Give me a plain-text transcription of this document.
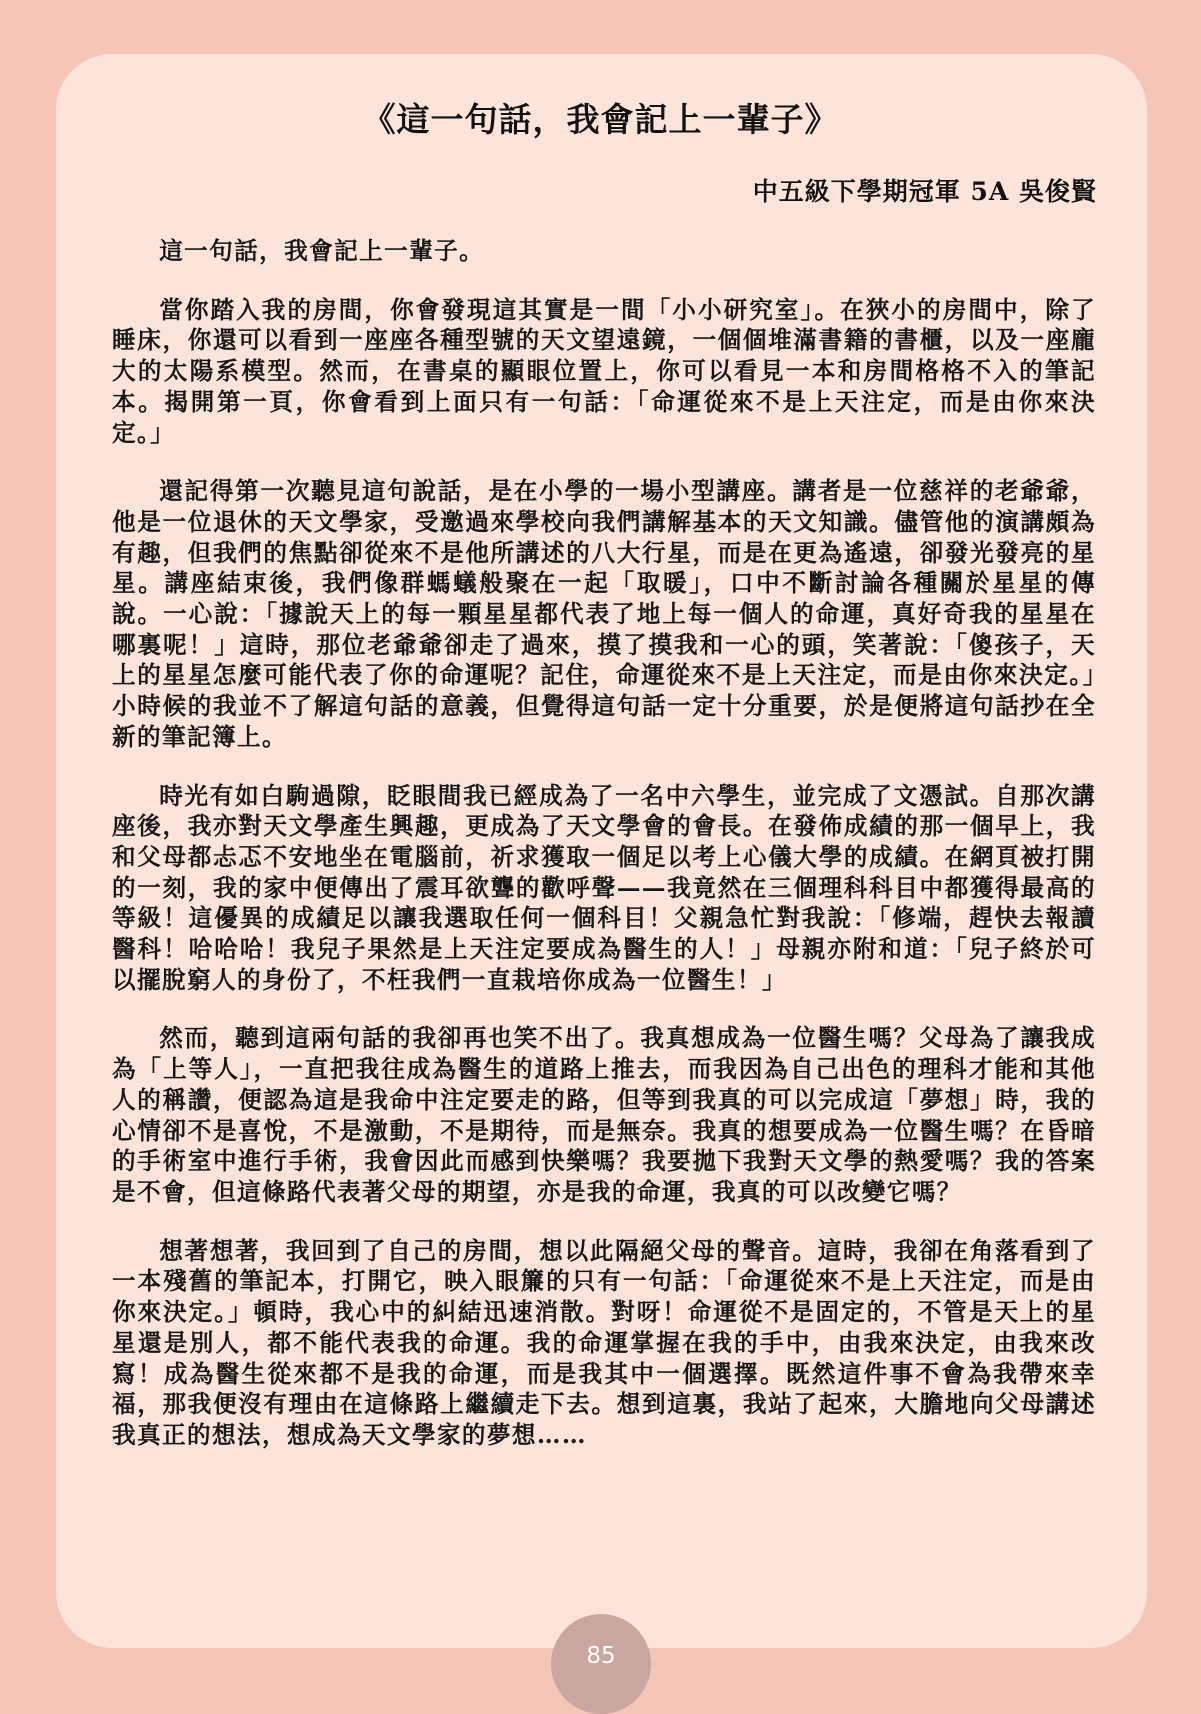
《這一句話，我會記上一輩子》
中五級下學期冠軍 5A 吳俊賢

這一句話，我會記上一輩子。

當你踏入我的房間，你會發現這其實是一間「小小研究室」。在狹小的房間中，除了睡床，你還可以看到一座座各種型號的天文望遠鏡，一個個堆滿書籍的書櫃，以及一座龐大的太陽系模型。然而，在書桌的顯眼位置上，你可以看見一本和房間格格不入的筆記本。揭開第一頁，你會看到上面只有一句話：「命運從來不是上天注定，而是由你來決定。」

還記得第一次聽見這句說話，是在小學的一場小型講座。講者是一位慈祥的老爺爺，他是一位退休的天文學家，受邀過來學校向我們講解基本的天文知識。儘管他的演講頗為有趣，但我們的焦點卻從來不是他所講述的八大行星，而是在更為遙遠，卻發光發亮的星星。講座結束後，我們像群螞蟻般聚在一起「取暖」，口中不斷討論各種關於星星的傳說。一心說：「據說天上的每一顆星星都代表了地上每一個人的命運，真好奇我的星星在哪裏呢！」這時，那位老爺爺卻走了過來，摸了摸我和一心的頭，笑著說：「傻孩子，天上的星星怎麼可能代表了你的命運呢？記住，命運從來不是上天注定，而是由你來決定。」小時候的我並不了解這句話的意義，但覺得這句話一定十分重要，於是便將這句話抄在全新的筆記簿上。

時光有如白駒過隙，眨眼間我已經成為了一名中六學生，並完成了文憑試。自那次講座後，我亦對天文學產生興趣，更成為了天文學會的會長。在發佈成績的那一個早上，我和父母都忐忑不安地坐在電腦前，祈求獲取一個足以考上心儀大學的成績。在網頁被打開的一刻，我的家中便傳出了震耳欲聾的歡呼聲——我竟然在三個理科科目中都獲得最高的等級！這優異的成績足以讓我選取任何一個科目！父親急忙對我說：「修端，趕快去報讀醫科！哈哈哈！我兒子果然是上天注定要成為醫生的人！」母親亦附和道：「兒子終於可以擺脫窮人的身份了，不枉我們一直栽培你成為一位醫生！」

然而，聽到這兩句話的我卻再也笑不出了。我真想成為一位醫生嗎？父母為了讓我成為「上等人」，一直把我往成為醫生的道路上推去，而我因為自己出色的理科才能和其他人的稱讚，便認為這是我命中注定要走的路，但等到我真的可以完成這「夢想」時，我的心情卻不是喜悅，不是激動，不是期待，而是無奈。我真的想要成為一位醫生嗎？在昏暗的手術室中進行手術，我會因此而感到快樂嗎？我要拋下我對天文學的熱愛嗎？我的答案是不會，但這條路代表著父母的期望，亦是我的命運，我真的可以改變它嗎？

想著想著，我回到了自己的房間，想以此隔絕父母的聲音。這時，我卻在角落看到了一本殘舊的筆記本，打開它，映入眼簾的只有一句話：「命運從來不是上天注定，而是由你來決定。」頓時，我心中的糾結迅速消散。對呀！命運從不是固定的，不管是天上的星星還是別人，都不能代表我的命運。我的命運掌握在我的手中，由我來決定，由我來改寫！成為醫生從來都不是我的命運，而是我其中一個選擇。既然這件事不會為我帶來幸福，那我便沒有理由在這條路上繼續走下去。想到這裏，我站了起來，大膽地向父母講述我真正的想法，想成為天文學家的夢想……

85
